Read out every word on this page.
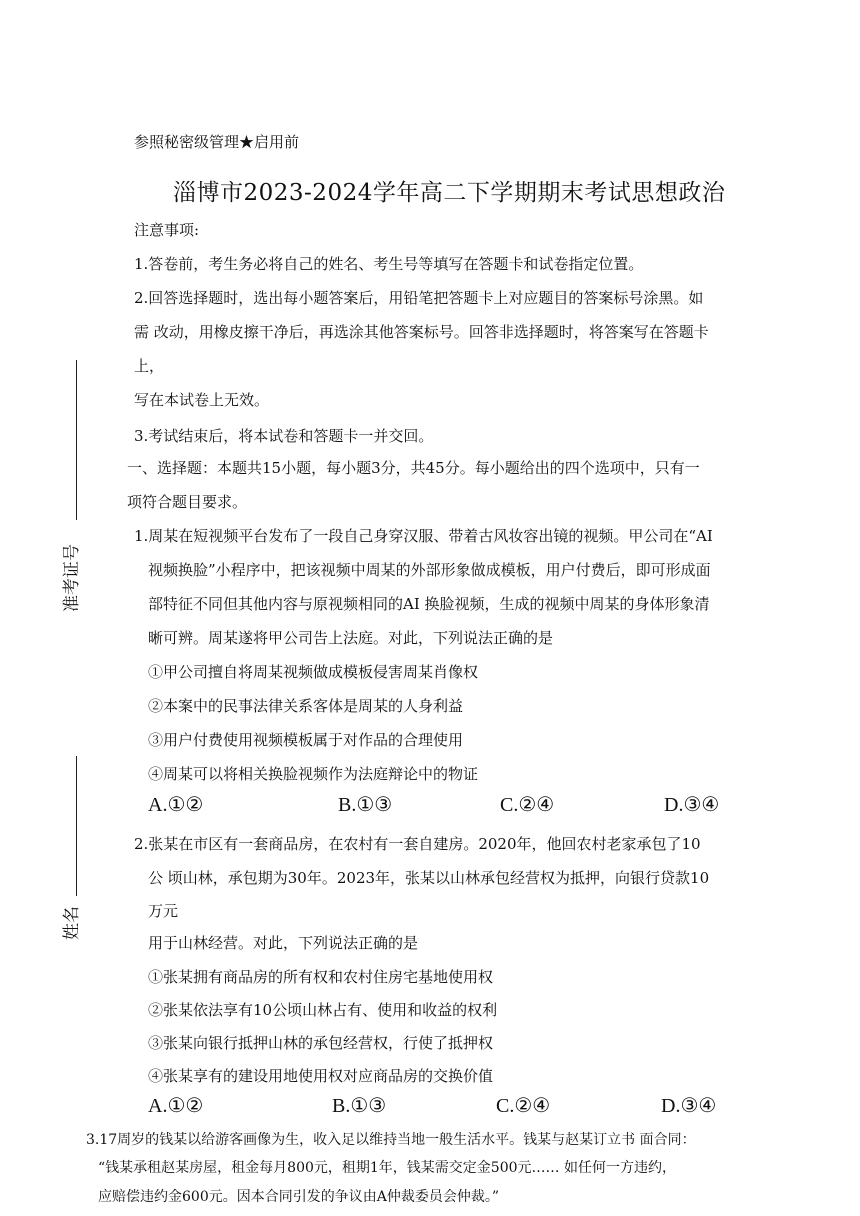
参照秘密级管理★启用前
淄博市2023-2024学年高二下学期期末考试思想政治
准考证号
姓名
注意事项:
1.答卷前，考生务必将自己的姓名、考生号等填写在答题卡和试卷指定位置。
2.回答选择题时，选出每小题答案后，用铅笔把答题卡上对应题目的答案标号涂黑。如
需 改动，用橡皮擦干净后，再选涂其他答案标号。回答非选择题时，将答案写在答题卡
上，
写在本试卷上无效。
3.考试结束后，将本试卷和答题卡一并交回。
一、选择题：本题共15小题，每小题3分，共45分。每小题给出的四个选项中，只有一
项符合题目要求。
1.周某在短视频平台发布了一段自己身穿汉服、带着古风妆容出镜的视频。甲公司在“AI
视频换脸”小程序中，把该视频中周某的外部形象做成模板，用户付费后，即可形成面
部特征不同但其他内容与原视频相同的AI 换脸视频，生成的视频中周某的身体形象清
晰可辨。周某遂将甲公司告上法庭。对此，下列说法正确的是
①甲公司擅自将周某视频做成模板侵害周某肖像权
②本案中的民事法律关系客体是周某的人身利益
③用户付费使用视频模板属于对作品的合理使用
④周某可以将相关换脸视频作为法庭辩论中的物证
A.①②	B.①③	C.②④	D.③④
2.张某在市区有一套商品房，在农村有一套自建房。2020年，他回农村老家承包了10
公 顷山林，承包期为30年。2023年，张某以山林承包经营权为抵押，向银行贷款10
万元
用于山林经营。对此，下列说法正确的是
①张某拥有商品房的所有权和农村住房宅基地使用权
②张某依法享有10公顷山林占有、使用和收益的权利
③张某向银行抵押山林的承包经营权，行使了抵押权
④张某享有的建设用地使用权对应商品房的交换价值
A.①②	B.①③	C.②④	D.③④
3.17周岁的钱某以给游客画像为生，收入足以维持当地一般生活水平。钱某与赵某订立书 面合同：
“钱某承租赵某房屋，租金每月800元，租期1年，钱某需交定金500元…… 如任何一方违约，
应赔偿违约金600元。因本合同引发的争议由A仲裁委员会仲裁。”
